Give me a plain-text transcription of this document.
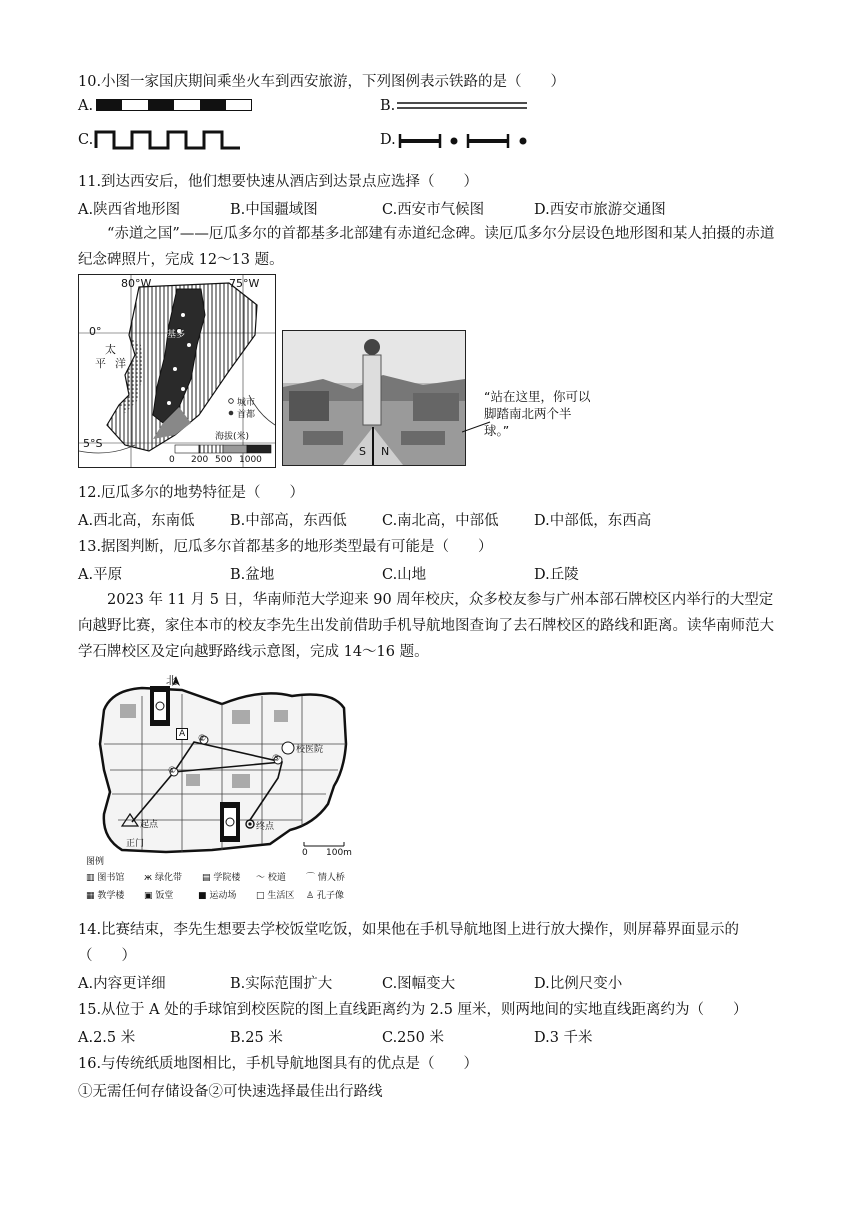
10.小图一家国庆期间乘坐火车到西安旅游，下列图例表示铁路的是（　　）
A.	B.
C.	D.
11.到达西安后，他们想要快速从酒店到达景点应选择（　　）
A.陕西省地形图	B.中国疆域图	C.西安市气候图	D.西安市旅游交通图
“赤道之国”——厄瓜多尔的首都基多北部建有赤道纪念碑。读厄瓜多尔分层设色地形图和某人拍摄的赤道纪念碑照片，完成 12～13 题。
80°W	75°W
0°
5°S
太
平 洋
基多
城市
首都
海拔(米)
0 200 500 1000
S N
“站在这里，你可以脚踏南北两个半球。”
12.厄瓜多尔的地势特征是（　　）
A.西北高，东南低 B.中部高，东西低 C.南北高，中部低 D.中部低，东西高
13.据图判断，厄瓜多尔首都基多的地形类型最有可能是（　　）
A.平原	B.盆地	C.山地	D.丘陵
2023 年 11 月 5 日，华南师范大学迎来 90 周年校庆，众多校友参与广州本部石牌校区内举行的大型定向越野比赛，家住本市的校友李先生出发前借助手机导航地图查询了去石牌校区的路线和距离。读华南师范大学石牌校区及定向越野路线示意图，完成 14～16 题。
北
A
校医院
起点
正门
终点
0 100m
①
②
③
图例
▥ 图书馆 ж 绿化带 ▤ 学院楼 ～ 校道 ⌒ 情人桥
▦ 教学楼 ▣ 饭堂	■ 运动场 □ 生活区 ♙ 孔子像
14.比赛结束，李先生想要去学校饭堂吃饭，如果他在手机导航地图上进行放大操作，则屏幕界面显示的
（　　）
A.内容更详细	B.实际范围扩大	C.图幅变大	D.比例尺变小
15.从位于 A 处的手球馆到校医院的图上直线距离约为 2.5 厘米，则两地间的实地直线距离约为（　　）
A.2.5 米	B.25 米	C.250 米	D.3 千米
16.与传统纸质地图相比，手机导航地图具有的优点是（　　）
①无需任何存储设备②可快速选择最佳出行路线
